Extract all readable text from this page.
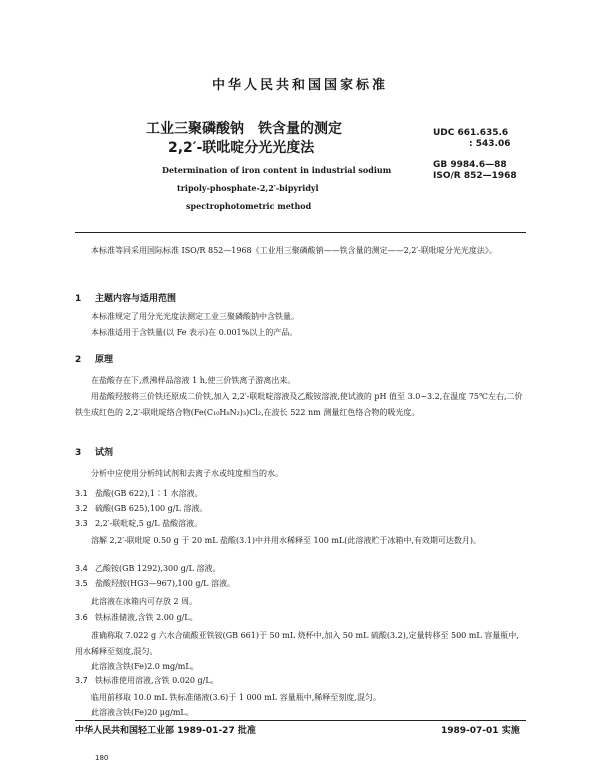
中华人民共和国国家标准
工业三聚磷酸钠　铁含量的测定
2,2′-联吡啶分光光度法
Determination of iron content in industrial sodium
tripoly-phosphate-2,2′-bipyridyl
spectrophotometric method
UDC 661.635.6
: 543.06
GB 9984.6—88
ISO/R 852—1968
本标准等同采用国际标准 ISO/R 852—1968《工业用三聚磷酸钠——铁含量的测定——2,2′-联吡啶分光光度法》。
1 主题内容与适用范围
本标准规定了用分光光度法测定工业三聚磷酸钠中含铁量。
本标准适用于含铁量(以 Fe 表示)在 0.001%以上的产品。
2 原理
在盐酸存在下,煮沸样品溶液 1 h,使三价铁离子游离出来。
用盐酸羟胺将三价铁还原成二价铁,加入 2,2′-联吡啶溶液及乙酸铵溶液,使试液的 pH 值至 3.0~3.2,在温度 75℃左右,二价铁生成红色的 2,2′-联吡啶络合物(Fe(C₁₀H₈N₂)₃)Cl₂,在波长 522 nm 测量红色络合物的吸光度。
3 试剂
分析中应使用分析纯试剂和去离子水或纯度相当的水。
3.1 盐酸(GB 622),1∶1 水溶液。
3.2 硫酸(GB 625),100 g/L 溶液。
3.3 2,2′-联吡啶,5 g/L 盐酸溶液。
溶解 2,2′-联吡啶 0.50 g 于 20 mL 盐酸(3.1)中并用水稀释至 100 mL(此溶液贮于冰箱中,有效期可达数月)。
3.4 乙酸铵(GB 1292),300 g/L 溶液。
3.5 盐酸羟胺(HG3—967),100 g/L 溶液。
此溶液在冰箱内可存放 2 周。
3.6 铁标准储液,含铁 2.00 g/L。
准确称取 7.022 g 六水合硫酸亚铁铵(GB 661)于 50 mL 烧杯中,加入 50 mL 硫酸(3.2),定量转移至 500 mL 容量瓶中,用水稀释至刻度,混匀。
此溶液含铁(Fe)2.0 mg/mL。
3.7 铁标准使用溶液,含铁 0.020 g/L。
临用前移取 10.0 mL 铁标准储液(3.6)于 1 000 mL 容量瓶中,稀释至刻度,混匀。
此溶液含铁(Fe)20 μg/mL。
中华人民共和国轻工业部 1989-01-27 批准	1989-07-01 实施
180
